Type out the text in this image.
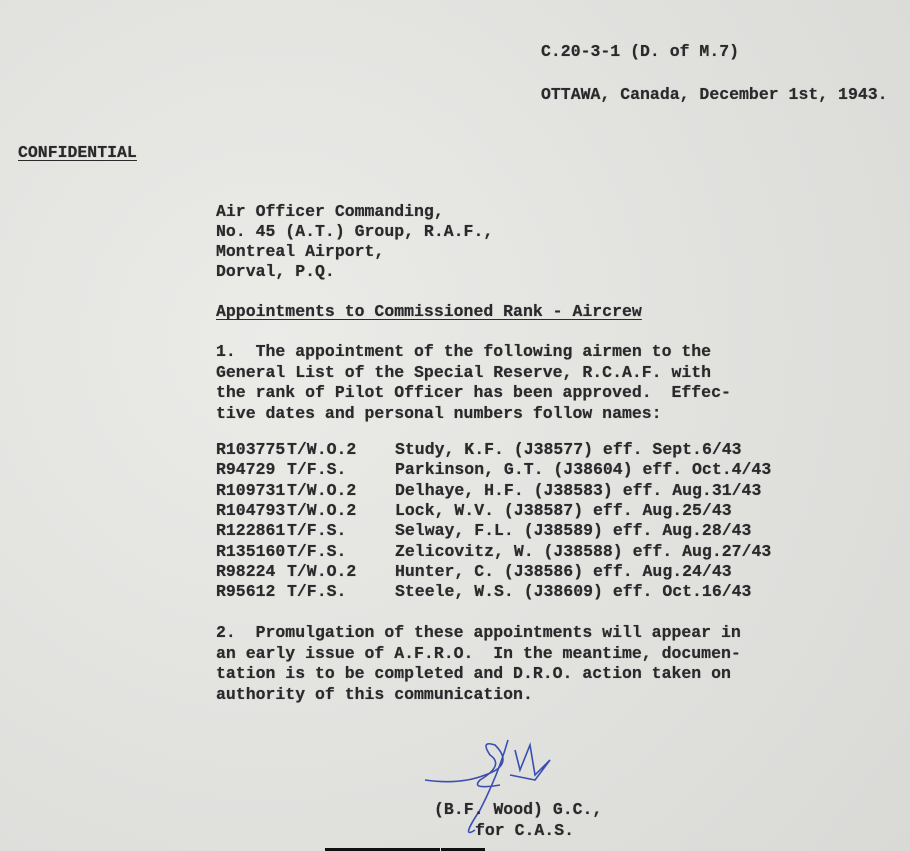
C.20-3-1 (D. of M.7)
OTTAWA, Canada, December 1st, 1943.
CONFIDENTIAL
Air Officer Commanding,
No. 45 (A.T.) Group, R.A.F.,
Montreal Airport,
Dorval, P.Q.
Appointments to Commissioned Rank - Aircrew
1.  The appointment of the following airmen to the
General List of the Special Reserve, R.C.A.F. with
the rank of Pilot Officer has been approved.  Effec-
tive dates and personal numbers follow names:
R103775 T/W.O.2 Study, K.F. (J38577) eff. Sept.6/43
R94729 T/F.S.	Parkinson, G.T. (J38604) eff. Oct.4/43
R109731 T/W.O.2 Delhaye, H.F. (J38583) eff. Aug.31/43
R104793 T/W.O.2 Lock, W.V. (J38587) eff. Aug.25/43
R122861 T/F.S.	Selway, F.L. (J38589) eff. Aug.28/43
R135160 T/F.S.	Zelicovitz, W. (J38588) eff. Aug.27/43
R98224 T/W.O.2 Hunter, C. (J38586) eff. Aug.24/43
R95612 T/F.S.	Steele, W.S. (J38609) eff. Oct.16/43
2.  Promulgation of these appointments will appear in
an early issue of A.F.R.O.  In the meantime, documen-
tation is to be completed and D.R.O. action taken on
authority of this communication.
(B.F. Wood) G.C.,
for C.A.S.
